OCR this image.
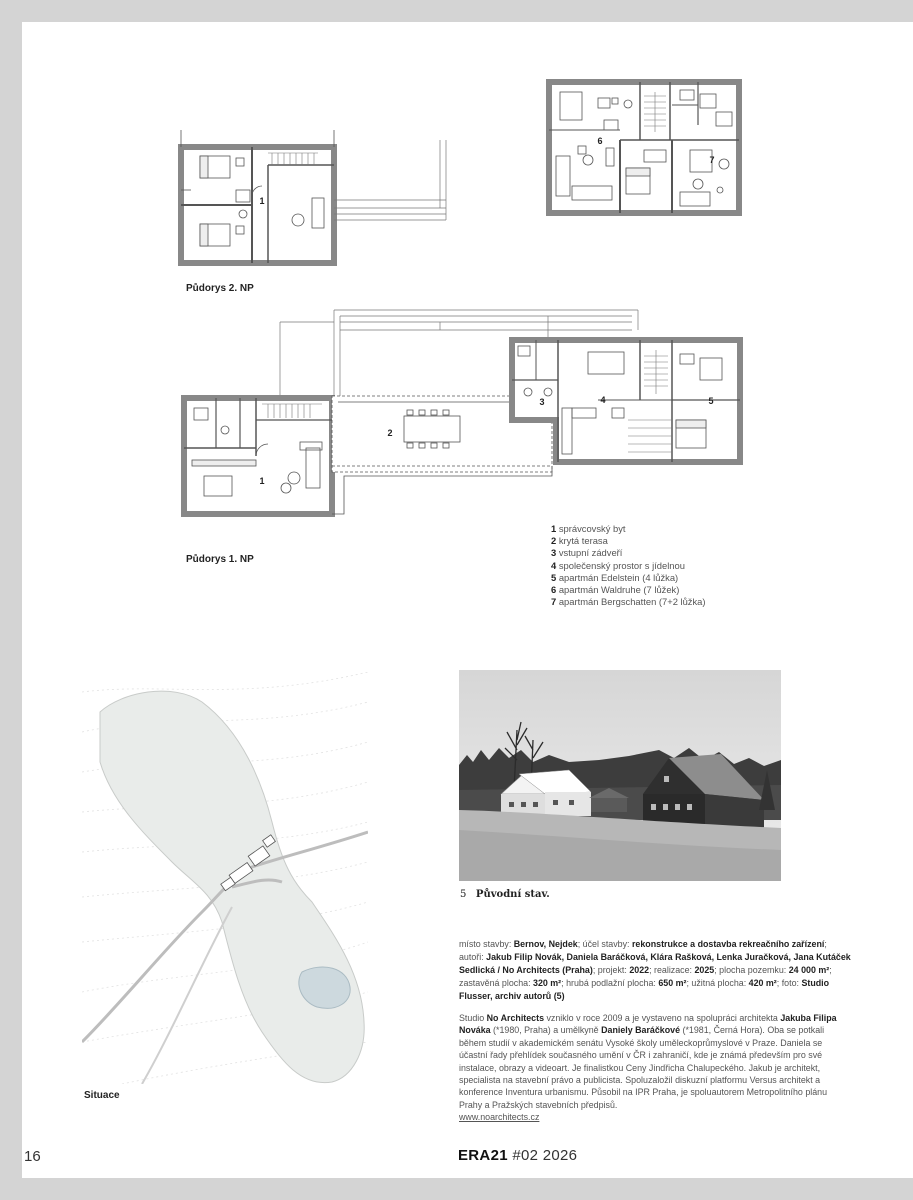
1
6
7
2
1
3	4	5
Půdorys 2. NP
Půdorys 1. NP
1 správcovský byt
2 krytá terasa
3 vstupní zádveří
4 společenský prostor s jídelnou
5 apartmán Edelstein (4 lůžka)
6 apartmán Waldruhe (7 lůžek)
7 apartmán Bergschatten (7+2 lůžka)
Situace
5 Původní stav.
místo stavby: Bernov, Nejdek; účel stavby: rekonstrukce a dostavba rekreačního zařízení; autoři: Jakub Filip Novák, Daniela Baráčková, Klára Rašková, Lenka Juračková, Jana Kutáček Sedlická / No Architects (Praha); projekt: 2022; realizace: 2025; plocha pozemku: 24 000 m²; zastavěná plocha: 320 m²; hrubá podlažní plocha: 650 m²; užitná plocha: 420 m²; foto: Studio Flusser, archiv autorů (5)
Studio No Architects vzniklo v roce 2009 a je vystaveno na spolupráci architekta Jakuba Filipa Nováka (*1980, Praha) a umělkyně Daniely Baráčkové (*1981, Černá Hora). Oba se potkali během studií v akademickém senátu Vysoké školy uměleckoprůmyslové v Praze. Daniela se účastní řady přehlídek současného umění v ČR i zahraničí, kde je známá především pro své instalace, obrazy a videoart. Je finalistkou Ceny Jindřicha Chalupeckého. Jakub je architekt, specialista na stavební právo a publicista. Spoluzaložil diskuzní platformu Versus architekt a konference Inventura urbanismu. Působil na IPR Praha, je spoluautorem Metropolitního plánu Prahy a Pražských stavebních předpisů.
www.noarchitects.cz
16	ERA21 #02 2026
